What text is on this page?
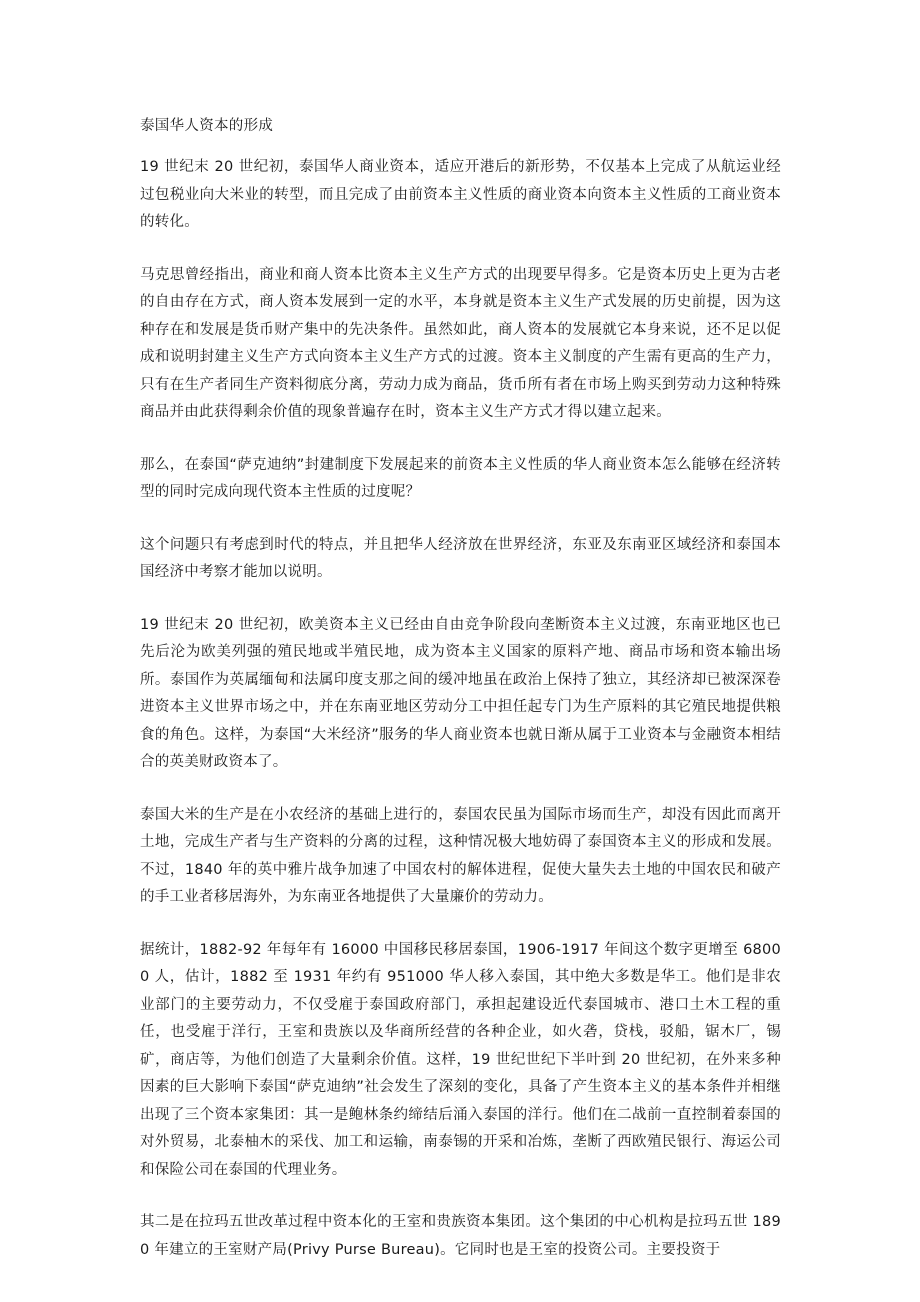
泰国华人资本的形成

19 世纪末 20 世纪初，泰国华人商业资本，适应开港后的新形势，不仅基本上完成了从航运业经过包税业向大米业的转型，而且完成了由前资本主义性质的商业资本向资本主义性质的工商业资本的转化。

马克思曾经指出，商业和商人资本比资本主义生产方式的出现要早得多。它是资本历史上更为古老的自由存在方式，商人资本发展到一定的水平，本身就是资本主义生产式发展的历史前提，因为这种存在和发展是货币财产集中的先决条件。虽然如此，商人资本的发展就它本身来说，还不足以促成和说明封建主义生产方式向资本主义生产方式的过渡。资本主义制度的产生需有更高的生产力，只有在生产者同生产资料彻底分离，劳动力成为商品，货币所有者在市场上购买到劳动力这种特殊商品并由此获得剩余价值的现象普遍存在时，资本主义生产方式才得以建立起来。

那么，在泰国“萨克迪纳”封建制度下发展起来的前资本主义性质的华人商业资本怎么能够在经济转型的同时完成向现代资本主性质的过度呢？

这个问题只有考虑到时代的特点，并且把华人经济放在世界经济，东亚及东南亚区域经济和泰国本国经济中考察才能加以说明。

19 世纪末 20 世纪初，欧美资本主义已经由自由竞争阶段向垄断资本主义过渡，东南亚地区也已先后沦为欧美列强的殖民地或半殖民地，成为资本主义国家的原料产地、商品市场和资本输出场所。泰国作为英属缅甸和法属印度支那之间的缓冲地虽在政治上保持了独立，其经济却已被深深卷进资本主义世界市场之中，并在东南亚地区劳动分工中担任起专门为生产原料的其它殖民地提供粮食的角色。这样，为泰国“大米经济”服务的华人商业资本也就日渐从属于工业资本与金融资本相结合的英美财政资本了。

泰国大米的生产是在小农经济的基础上进行的，泰国农民虽为国际市场而生产，却没有因此而离开土地，完成生产者与生产资料的分离的过程，这种情况极大地妨碍了泰国资本主义的形成和发展。不过，1840 年的英中雅片战争加速了中国农村的解体进程，促使大量失去土地的中国农民和破产的手工业者移居海外，为东南亚各地提供了大量廉价的劳动力。

据统计，1882-92 年每年有 16000 中国移民移居泰国，1906-1917 年间这个数字更增至 68000 人，估计，1882 至 1931 年约有 951000 华人移入泰国，其中绝大多数是华工。他们是非农业部门的主要劳动力，不仅受雇于泰国政府部门，承担起建设近代泰国城市、港口土木工程的重任，也受雇于洋行，王室和贵族以及华商所经营的各种企业，如火砻，贷栈，驳船，锯木厂，锡矿，商店等，为他们创造了大量剩余价值。这样，19 世纪世纪下半叶到 20 世纪初，在外来多种因素的巨大影响下泰国“萨克迪纳”社会发生了深刻的变化，具备了产生资本主义的基本条件并相继出现了三个资本家集团：其一是鲍林条约缔结后涌入泰国的洋行。他们在二战前一直控制着泰国的对外贸易，北泰柚木的采伐、加工和运输，南泰锡的开采和冶炼，垄断了西欧殖民银行、海运公司和保险公司在泰国的代理业务。

其二是在拉玛五世改革过程中资本化的王室和贵族资本集团。这个集团的中心机构是拉玛五世 1890 年建立的王室财产局(Privy Purse Bureau)。它同时也是王室的投资公司。主要投资于
